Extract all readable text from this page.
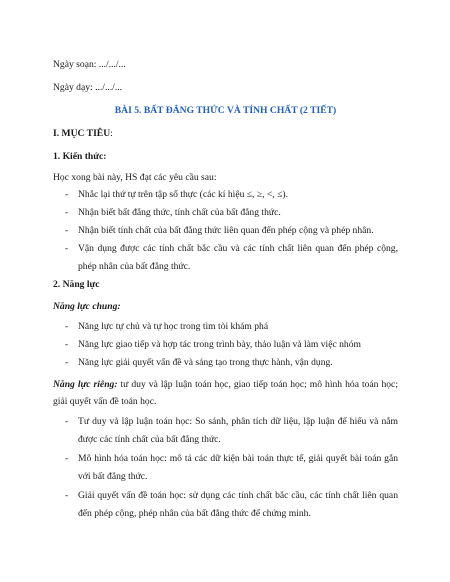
Ngày soạn: .../.../...
Ngày dạy: .../.../...
BÀI 5. BẤT ĐẲNG THỨC VÀ TÍNH CHẤT (2 TIẾT)
I. MỤC TIÊU:
1. Kiến thức:
Học xong bài này, HS đạt các yêu cầu sau:
- Nhắc lại thứ tự trên tập số thực (các kí hiệu ≤, ≥, <, ≤).
- Nhận biết bất đẳng thức, tính chất của bất đẳng thức.
- Nhận biết tính chất của bất đẳng thức liên quan đến phép cộng và phép nhân.
- Vận dụng được các tính chất bắc cầu và các tính chất liên quan đến phép cộng, phép nhân của bất đẳng thức.
2. Năng lực
Năng lực chung:
- Năng lực tự chủ và tự học trong tìm tòi khám phá
- Năng lực giao tiếp và hợp tác trong trình bày, thảo luận và làm việc nhóm
- Năng lực giải quyết vấn đề và sáng tạo trong thực hành, vận dụng.
Năng lực riêng: tư duy và lập luận toán học, giao tiếp toán học; mô hình hóa toán học; giải quyết vấn đề toán học.
- Tư duy và lập luận toán học: So sánh, phân tích dữ liệu, lập luận để hiểu và nắm được các tính chất của bất đẳng thức.
- Mô hình hóa toán học: mô tả các dữ kiện bài toán thực tế, giải quyết bài toán gắn với bất đẳng thức.
- Giải quyết vấn đề toán học: sử dụng các tính chất bắc cầu, các tính chất liên quan đến phép cộng, phép nhân của bất đẳng thức để chứng minh.
